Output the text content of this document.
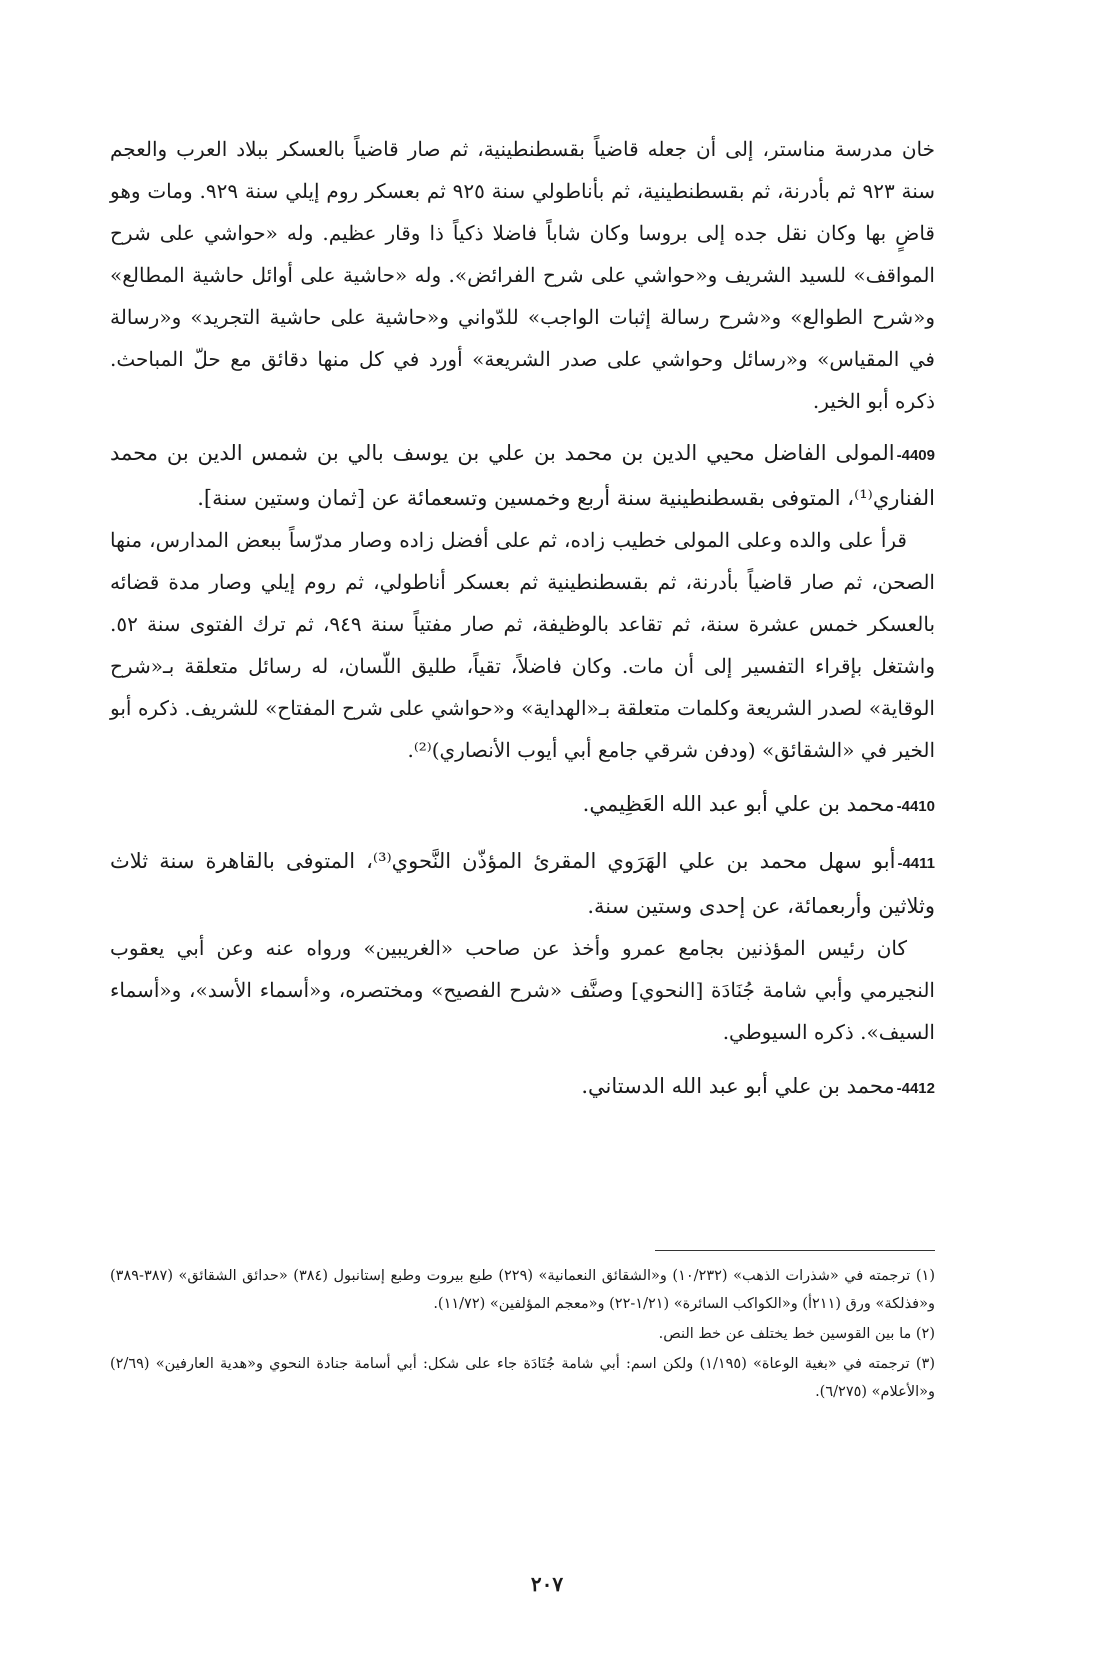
خان مدرسة مناستر، إلى أن جعله قاضياً بقسطنطينية، ثم صار قاضياً بالعسكر ببلاد العرب والعجم سنة ٩٢٣ ثم بأدرنة، ثم بقسطنطينية، ثم بأناطولي سنة ٩٢٥ ثم بعسكر روم إيلي سنة ٩٢٩. ومات وهو قاضٍ بها وكان نقل جده إلى بروسا وكان شاباً فاضلا ذكياً ذا وقار عظيم. وله «حواشي على شرح المواقف» للسيد الشريف و«حواشي على شرح الفرائض». وله «حاشية على أوائل حاشية المطالع» و«شرح الطوالع» و«شرح رسالة إثبات الواجب» للدّواني و«حاشية على حاشية التجريد» و«رسالة في المقياس» و«رسائل وحواشي على صدر الشريعة» أورد في كل منها دقائق مع حلّ المباحث. ذكره أبو الخير.

4409-المولى الفاضل محيي الدين بن محمد بن علي بن يوسف بالي بن شمس الدين بن محمد الفناري⁽¹⁾، المتوفى بقسطنطينية سنة أربع وخمسين وتسعمائة عن [ثمان وستين سنة].

قرأ على والده وعلى المولى خطيب زاده، ثم على أفضل زاده وصار مدرّساً ببعض المدارس، منها الصحن، ثم صار قاضياً بأدرنة، ثم بقسطنطينية ثم بعسكر أناطولي، ثم روم إيلي وصار مدة قضائه بالعسكر خمس عشرة سنة، ثم تقاعد بالوظيفة، ثم صار مفتياً سنة ٩٤٩، ثم ترك الفتوى سنة ٥٢. واشتغل بإقراء التفسير إلى أن مات. وكان فاضلاً، تقياً، طليق اللّسان، له رسائل متعلقة بـ«شرح الوقاية» لصدر الشريعة وكلمات متعلقة بـ«الهداية» و«حواشي على شرح المفتاح» للشريف. ذكره أبو الخير في «الشقائق» (ودفن شرقي جامع أبي أيوب الأنصاري)⁽²⁾.

4410-محمد بن علي أبو عبد الله العَظِيمي.

4411-أبو سهل محمد بن علي الهَرَوي المقرئ المؤذّن النَّحوي⁽³⁾، المتوفى بالقاهرة سنة ثلاث وثلاثين وأربعمائة، عن إحدى وستين سنة.

كان رئيس المؤذنين بجامع عمرو وأخذ عن صاحب «الغريبين» ورواه عنه وعن أبي يعقوب النجيرمي وأبي شامة جُنَادَة [النحوي] وصنَّف «شرح الفصيح» ومختصره، و«أسماء الأسد»، و«أسماء السيف». ذكره السيوطي.

4412-محمد بن علي أبو عبد الله الدستاني.

(١) ترجمته في «شذرات الذهب» (١٠/٢٣٢) و«الشقائق النعمانية» (٢٢٩) طبع بيروت وطبع إستانبول (٣٨٤) «حدائق الشقائق» (٣٨٧-٣٨٩) و«فذلكة» ورق (٢١١أ) و«الكواكب السائرة» (١/٢١-٢٢) و«معجم المؤلفين» (١١/٧٢).

(٢) ما بين القوسين خط يختلف عن خط النص.

(٣) ترجمته في «بغية الوعاة» (١/١٩٥) ولكن اسم: أبي شامة جُنَادَة جاء على شكل: أبي أسامة جنادة النحوي و«هدية العارفين» (٢/٦٩) و«الأعلام» (٦/٢٧٥).

٢٠٧
